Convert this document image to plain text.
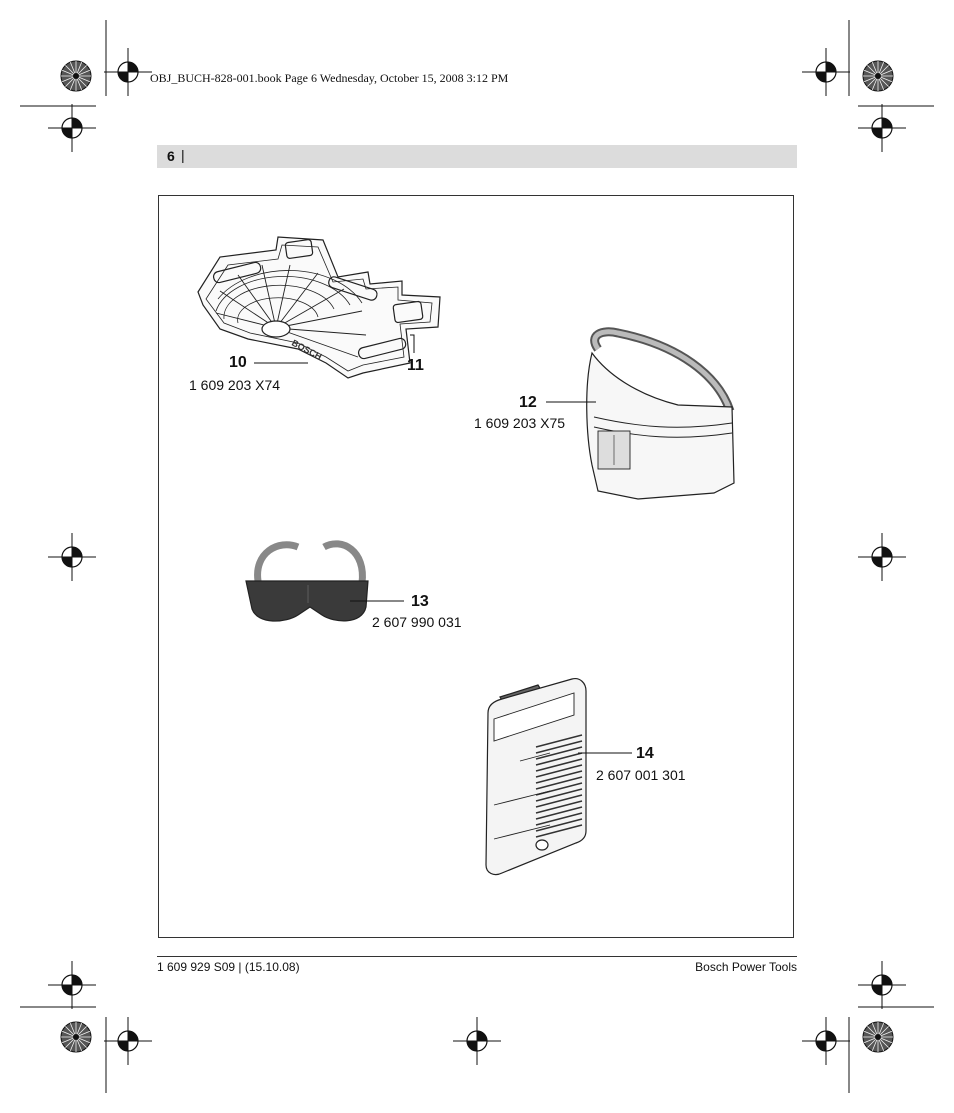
OBJ_BUCH-828-001.book Page 6 Wednesday, October 15, 2008 3:12 PM
6 |
BOSCH
10
1 609 203 X74
11
12
1 609 203 X75
13
2 607 990 031
14
2 607 001 301
1 609 929 S09 | (15.10.08)	Bosch Power Tools
